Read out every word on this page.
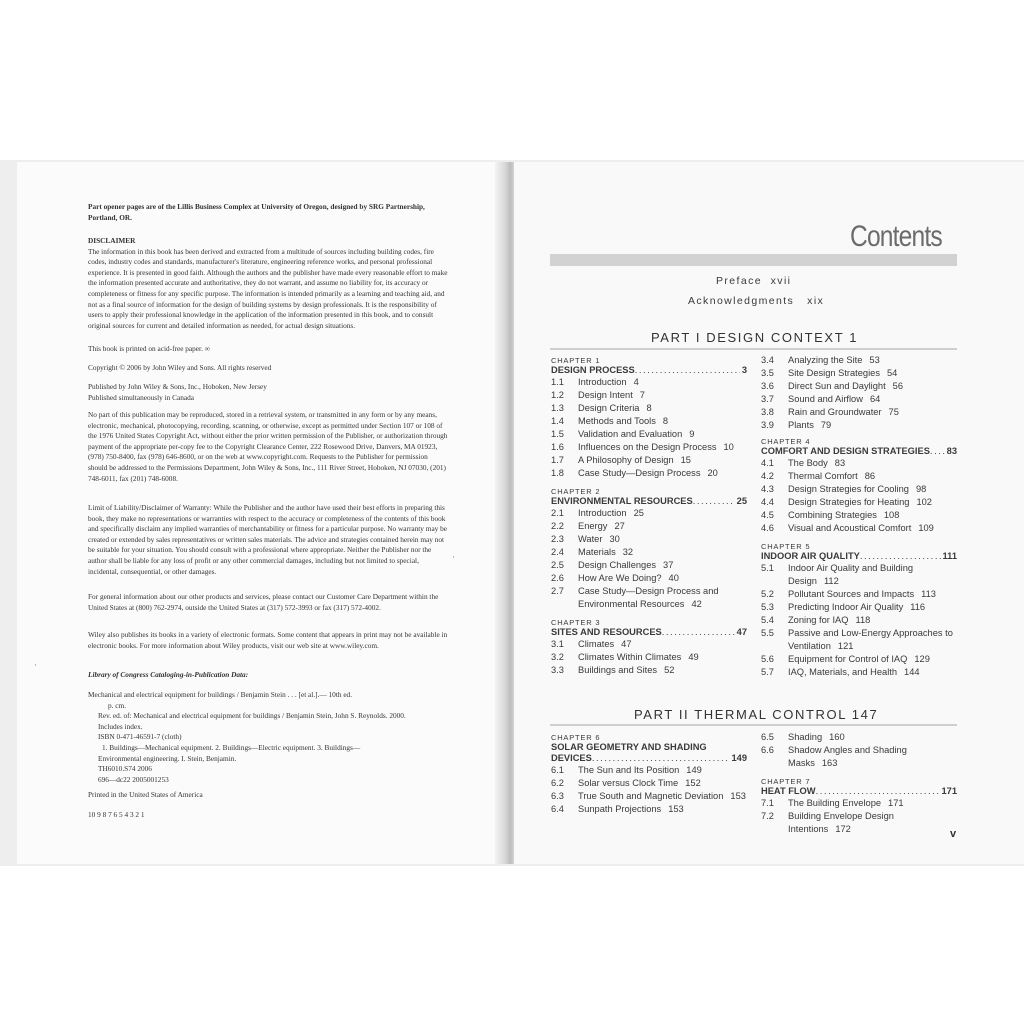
Part opener pages are of the Lillis Business Complex at University of Oregon, designed by SRG Partnership, Portland, OR.

DISCLAIMER

The information in this book has been derived and extracted from a multitude of sources including building codes, fire codes, industry codes and standards, manufacturer's literature, engineering reference works, and personal professional experience. It is presented in good faith. Although the authors and the publisher have made every reasonable effort to make the information presented accurate and authoritative, they do not warrant, and assume no liability for, its accuracy or completeness or fitness for any specific purpose. The information is intended primarily as a learning and teaching aid, and not as a final source of information for the design of building systems by design professionals. It is the responsibility of users to apply their professional knowledge in the application of the information presented in this book, and to consult original sources for current and detailed information as needed, for actual design situations.

This book is printed on acid-free paper. ∞

Copyright © 2006 by John Wiley and Sons. All rights reserved

Published by John Wiley & Sons, Inc., Hoboken, New Jersey

Published simultaneously in Canada

No part of this publication may be reproduced, stored in a retrieval system, or transmitted in any form or by any means, electronic, mechanical, photocopying, recording, scanning, or otherwise, except as permitted under Section 107 or 108 of the 1976 United States Copyright Act, without either the prior written permission of the Publisher, or authorization through payment of the appropriate per-copy fee to the Copyright Clearance Center, 222 Rosewood Drive, Danvers, MA 01923, (978) 750-8400, fax (978) 646-8600, or on the web at www.copyright.com. Requests to the Publisher for permission should be addressed to the Permissions Department, John Wiley & Sons, Inc., 111 River Street, Hoboken, NJ 07030, (201) 748-6011, fax (201) 748-6008.

Limit of Liability/Disclaimer of Warranty: While the Publisher and the author have used their best efforts in preparing this book, they make no representations or warranties with respect to the accuracy or completeness of the contents of this book and specifically disclaim any implied warranties of merchantability or fitness for a particular purpose. No warranty may be created or extended by sales representatives or written sales materials. The advice and strategies contained herein may not be suitable for your situation. You should consult with a professional where appropriate. Neither the Publisher nor the author shall be liable for any loss of profit or any other commercial damages, including but not limited to special, incidental, consequential, or other damages.

For general information about our other products and services, please contact our Customer Care Department within the United States at (800) 762-2974, outside the United States at (317) 572-3993 or fax (317) 572-4002.

Wiley also publishes its books in a variety of electronic formats. Some content that appears in print may not be available in electronic books. For more information about Wiley products, visit our web site at www.wiley.com.

Library of Congress Cataloging-in-Publication Data:

Mechanical and electrical equipment for buildings / Benjamin Stein . . . [et al.].— 10th ed.

p. cm.

Rev. ed. of: Mechanical and electrical equipment for buildings / Benjamin Stein, John S. Reynolds. 2000.

Includes index.

ISBN 0-471-46591-7 (cloth)

1. Buildings—Mechanical equipment. 2. Buildings—Electric equipment. 3. Buildings—

Environmental engineering. I. Stein, Benjamin.

TH6010.S74 2006

696—dc22 2005001253

Printed in the United States of America

10 9 8 7 6 5 4 3 2 1

·
·
Contents
Preface xvii
Acknowledgments xix
PART I DESIGN CONTEXT 1

CHAPTER 1

DESIGN PROCESS . . .	3

1.1	Introduction 4
1.2	Design Intent 7
1.3	Design Criteria 8
1.4	Methods and Tools 8
1.5	Validation and Evaluation 9
1.6	Influences on the Design Process 10
1.7	A Philosophy of Design 15
1.8	Case Study—Design Process 20

CHAPTER 2

ENVIRONMENTAL RESOURCES . . .	25

2.1	Introduction 25
2.2	Energy 27
2.3	Water 30
2.4	Materials 32
2.5	Design Challenges 37
2.6	How Are We Doing? 40
2.7	Case Study—Design Process and Environmental Resources 42

CHAPTER 3

SITES AND RESOURCES . . .	47

3.1	Climates 47
3.2	Climates Within Climates 49
3.3	Buildings and Sites 52
3.4	Analyzing the Site 53
3.5	Site Design Strategies 54
3.6	Direct Sun and Daylight 56
3.7	Sound and Airflow 64
3.8	Rain and Groundwater 75
3.9	Plants 79

CHAPTER 4

COMFORT AND DESIGN STRATEGIES . . . 83

4.1	The Body 83
4.2	Thermal Comfort 86
4.3	Design Strategies for Cooling 98
4.4	Design Strategies for Heating 102
4.5	Combining Strategies 108
4.6	Visual and Acoustical Comfort 109

CHAPTER 5

INDOOR AIR QUALITY . . .	111

5.1	Indoor Air Quality and Building Design 112
5.2	Pollutant Sources and Impacts 113
5.3	Predicting Indoor Air Quality 116
5.4	Zoning for IAQ 118
5.5	Passive and Low-Energy Approaches to Ventilation 121
5.6	Equipment for Control of IAQ 129
5.7	IAQ, Materials, and Health 144
PART II THERMAL CONTROL 147

CHAPTER 6

SOLAR GEOMETRY AND SHADING

DEVICES . . .	149

6.1	The Sun and Its Position 149
6.2	Solar versus Clock Time 152
6.3	True South and Magnetic Deviation 153
6.4	Sunpath Projections 153
6.5	Shading 160
6.6	Shadow Angles and Shading Masks 163

CHAPTER 7

HEAT FLOW . . .	171

7.1	The Building Envelope 171
7.2	Building Envelope Design Intentions 172	v
